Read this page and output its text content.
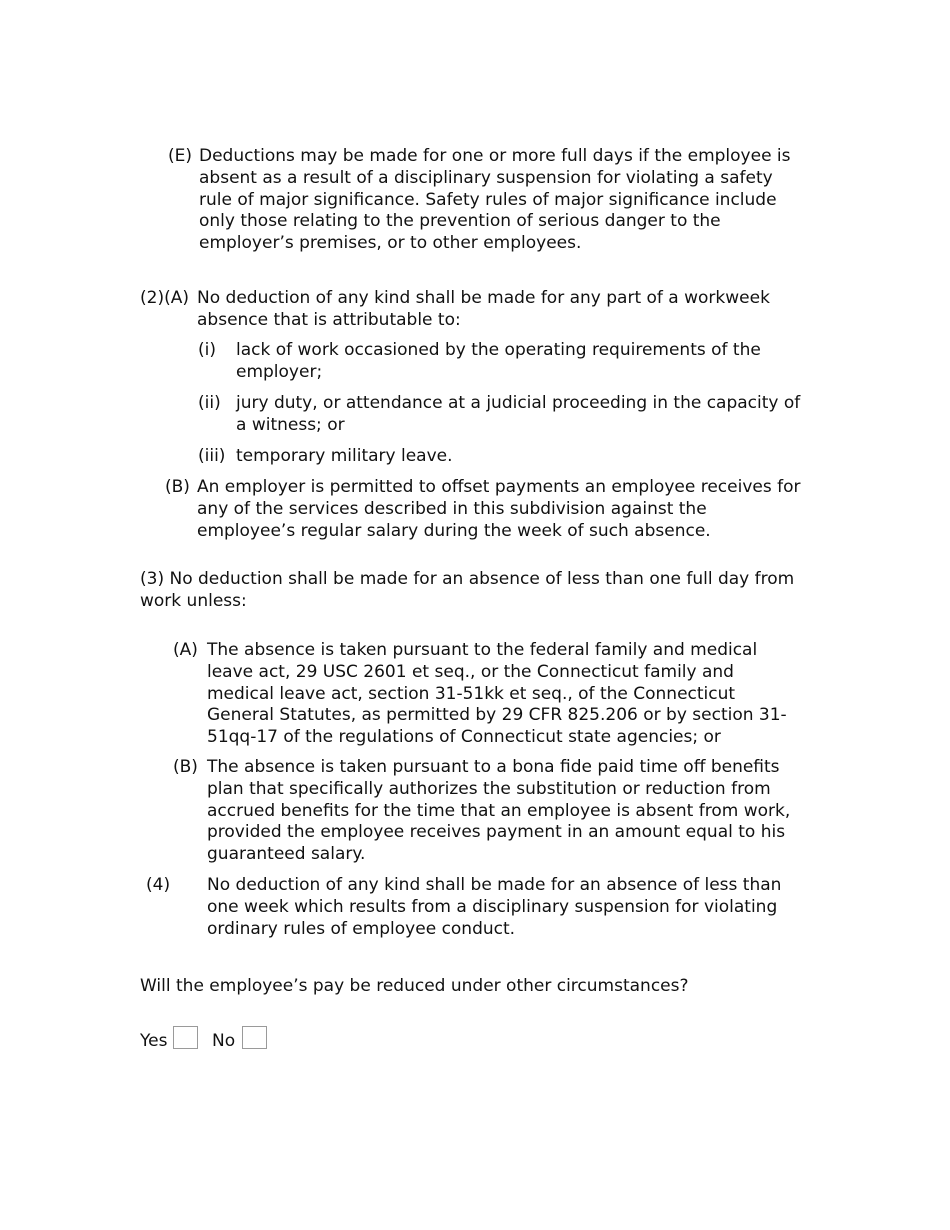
(E) Deductions may be made for one or more full days if the employee is absent as a result of a disciplinary suspension for violating a safety rule of major significance. Safety rules of major significance include only those relating to the prevention of serious danger to the employer’s premises, or to other employees.
(2)(A) No deduction of any kind shall be made for any part of a workweek absence that is attributable to:
(i) lack of work occasioned by the operating requirements of the employer;
(ii) jury duty, or attendance at a judicial proceeding in the capacity of a witness; or
(iii) temporary military leave.
(B) An employer is permitted to offset payments an employee receives for any of the services described in this subdivision against the employee’s regular salary during the week of such absence.
(3) No deduction shall be made for an absence of less than one full day from work unless:
(A) The absence is taken pursuant to the federal family and medical leave act, 29 USC 2601 et seq., or the Connecticut family and medical leave act, section 31-51kk et seq., of the Connecticut General Statutes, as permitted by 29 CFR 825.206 or by section 31-51qq-17 of the regulations of Connecticut state agencies; or
(B) The absence is taken pursuant to a bona fide paid time off benefits plan that specifically authorizes the substitution or reduction from accrued benefits for the time that an employee is absent from work, provided the employee receives payment in an amount equal to his guaranteed salary.
(4) No deduction of any kind shall be made for an absence of less than one week which results from a disciplinary suspension for violating ordinary rules of employee conduct.
Will the employee’s pay be reduced under other circumstances?
Yes	No
